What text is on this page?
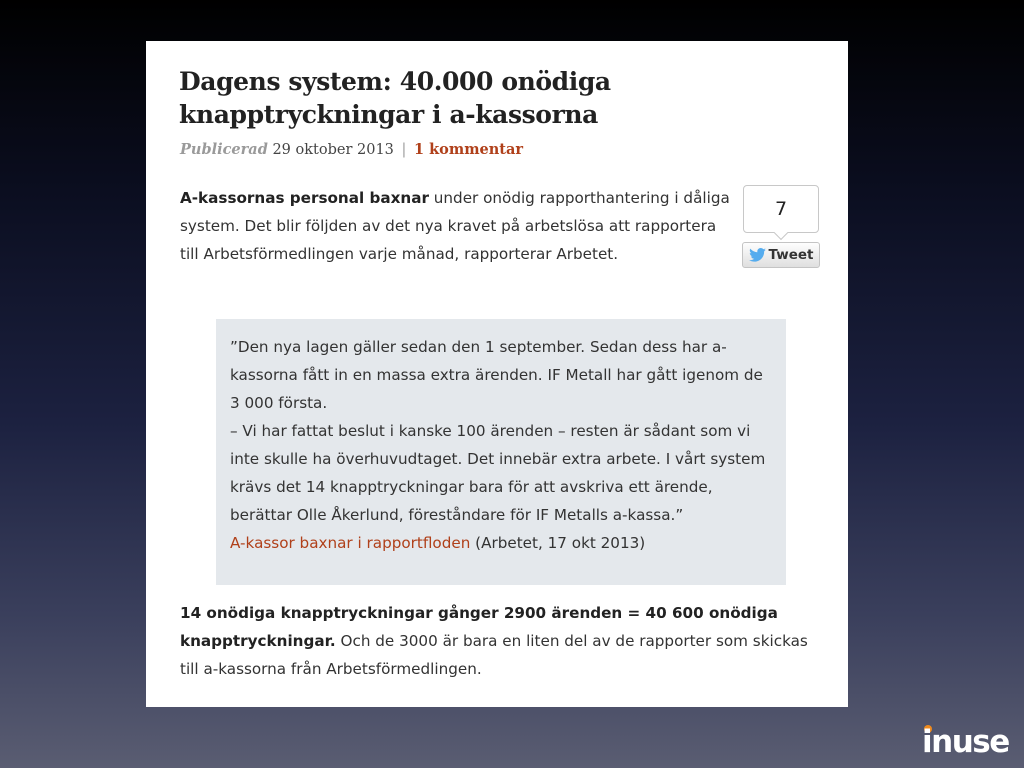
Dagens system: 40.000 onödiga knapptryckningar i a-kassorna
Publicerad 29 oktober 2013 | 1 kommentar

A-kassornas personal baxnar under onödig rapporthantering i dåliga system. Det blir följden av det nya kravet på arbetslösa att rapportera till Arbetsförmedlingen varje månad, rapporterar Arbetet.

7
Tweet

”Den nya lagen gäller sedan den 1 september. Sedan dess har a-kassorna fått in en massa extra ärenden. IF Metall har gått igenom de 3 000 första.

– Vi har fattat beslut i kanske 100 ärenden – resten är sådant som vi inte skulle ha överhuvudtaget. Det innebär extra arbete. I vårt system krävs det 14 knapptryckningar bara för att avskriva ett ärende, berättar Olle Åkerlund, föreståndare för IF Metalls a-kassa.”

A-kassor baxnar i rapportfloden (Arbetet, 17 okt 2013)

14 onödiga knapptryckningar gånger 2900 ärenden = 40 600 onödiga knapptryckningar. Och de 3000 är bara en liten del av de rapporter som skickas till a-kassorna från Arbetsförmedlingen.

inuse
